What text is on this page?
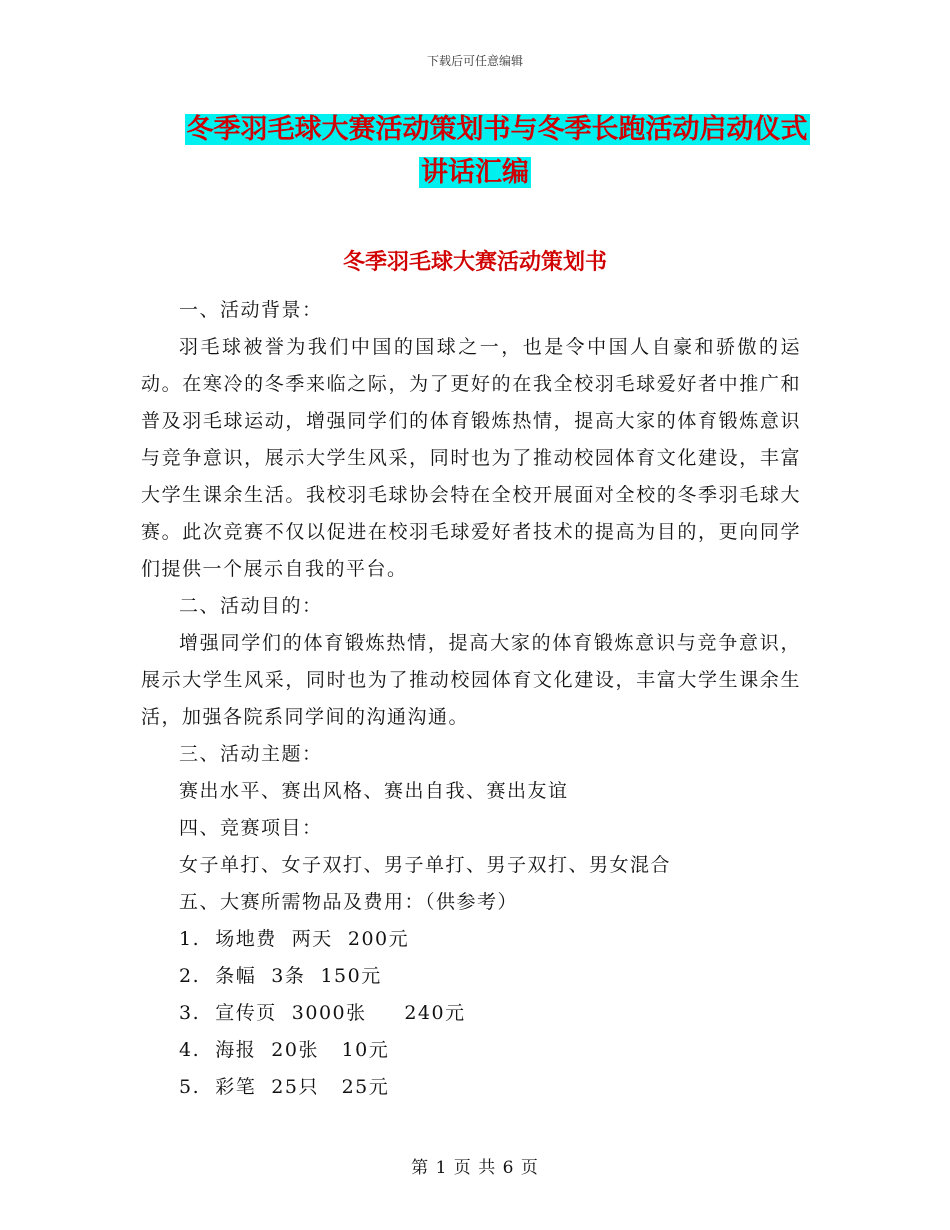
下载后可任意编辑
冬季羽毛球大赛活动策划书与冬季长跑活动启动仪式
讲话汇编
冬季羽毛球大赛活动策划书
一、活动背景：

羽毛球被誉为我们中国的国球之一，也是令中国人自豪和骄傲的运动。在寒冷的冬季来临之际，为了更好的在我全校羽毛球爱好者中推广和普及羽毛球运动，增强同学们的体育锻炼热情，提高大家的体育锻炼意识与竞争意识，展示大学生风采，同时也为了推动校园体育文化建设，丰富大学生课余生活。我校羽毛球协会特在全校开展面对全校的冬季羽毛球大赛。此次竞赛不仅以促进在校羽毛球爱好者技术的提高为目的，更向同学们提供一个展示自我的平台。

二、活动目的：

增强同学们的体育锻炼热情，提高大家的体育锻炼意识与竞争意识，展示大学生风采，同时也为了推动校园体育文化建设，丰富大学生课余生活，加强各院系同学间的沟通沟通。

三、活动主题：
赛出水平、赛出风格、赛出自我、赛出友谊
四、竞赛项目：
女子单打、女子双打、男子单打、男子双打、男女混合
五、大赛所需物品及费用：（供参考）
1.  场地费  两天  200元
2.  条幅  3条  150元
3.  宣传页  3000张     240元
4.  海报  20张   10元
5.  彩笔  25只   25元
第 1 页 共 6 页
